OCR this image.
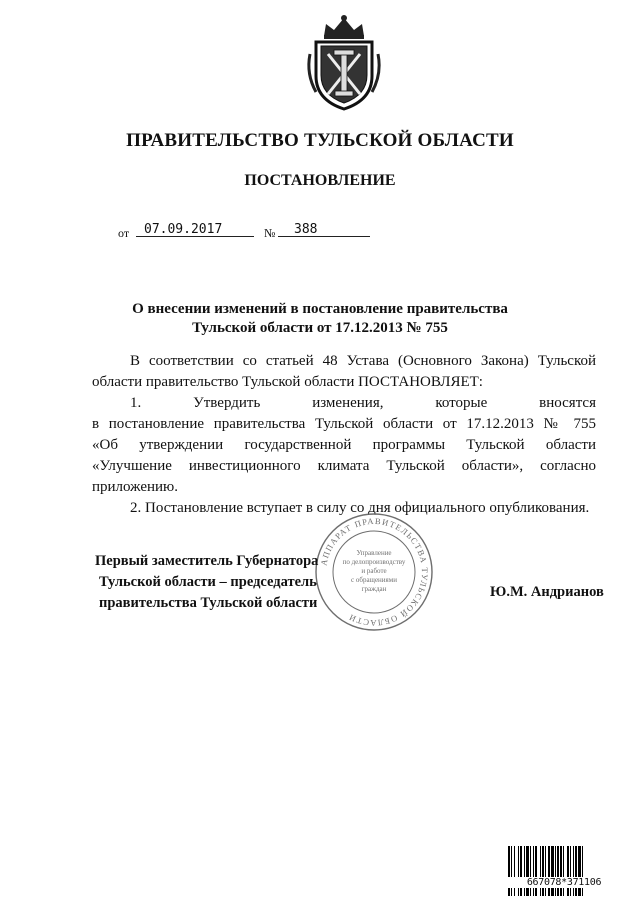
ПРАВИТЕЛЬСТВО ТУЛЬСКОЙ ОБЛАСТИ
ПОСТАНОВЛЕНИЕ
от 07.09.2017	№ 388
О внесении изменений в постановление правительства
Тульской области от 17.12.2013 № 755

В соответствии со статьей 48 Устава (Основного Закона) Тульской

области правительство Тульской области ПОСТАНОВЛЯЕТ:

1.     Утвердить     изменения,     которые     вносятся

в постановление правительства Тульской области от 17.12.2013 № 755

«Об утверждении государственной программы Тульской области

«Улучшение инвестиционного климата Тульской области», согласно

приложению.

2. Постановление вступает в силу со дня официального опубликования.

АППАРАТ ПРАВИТЕЛЬСТВА ТУЛЬСКОЙ ОБЛАСТИ
Управление
по делопроизводству
и работе
с обращениями
граждан
Первый заместитель Губернатора
Тульской области – председатель
правительства Тульской области
Ю.М. Андрианов
667078*371106
